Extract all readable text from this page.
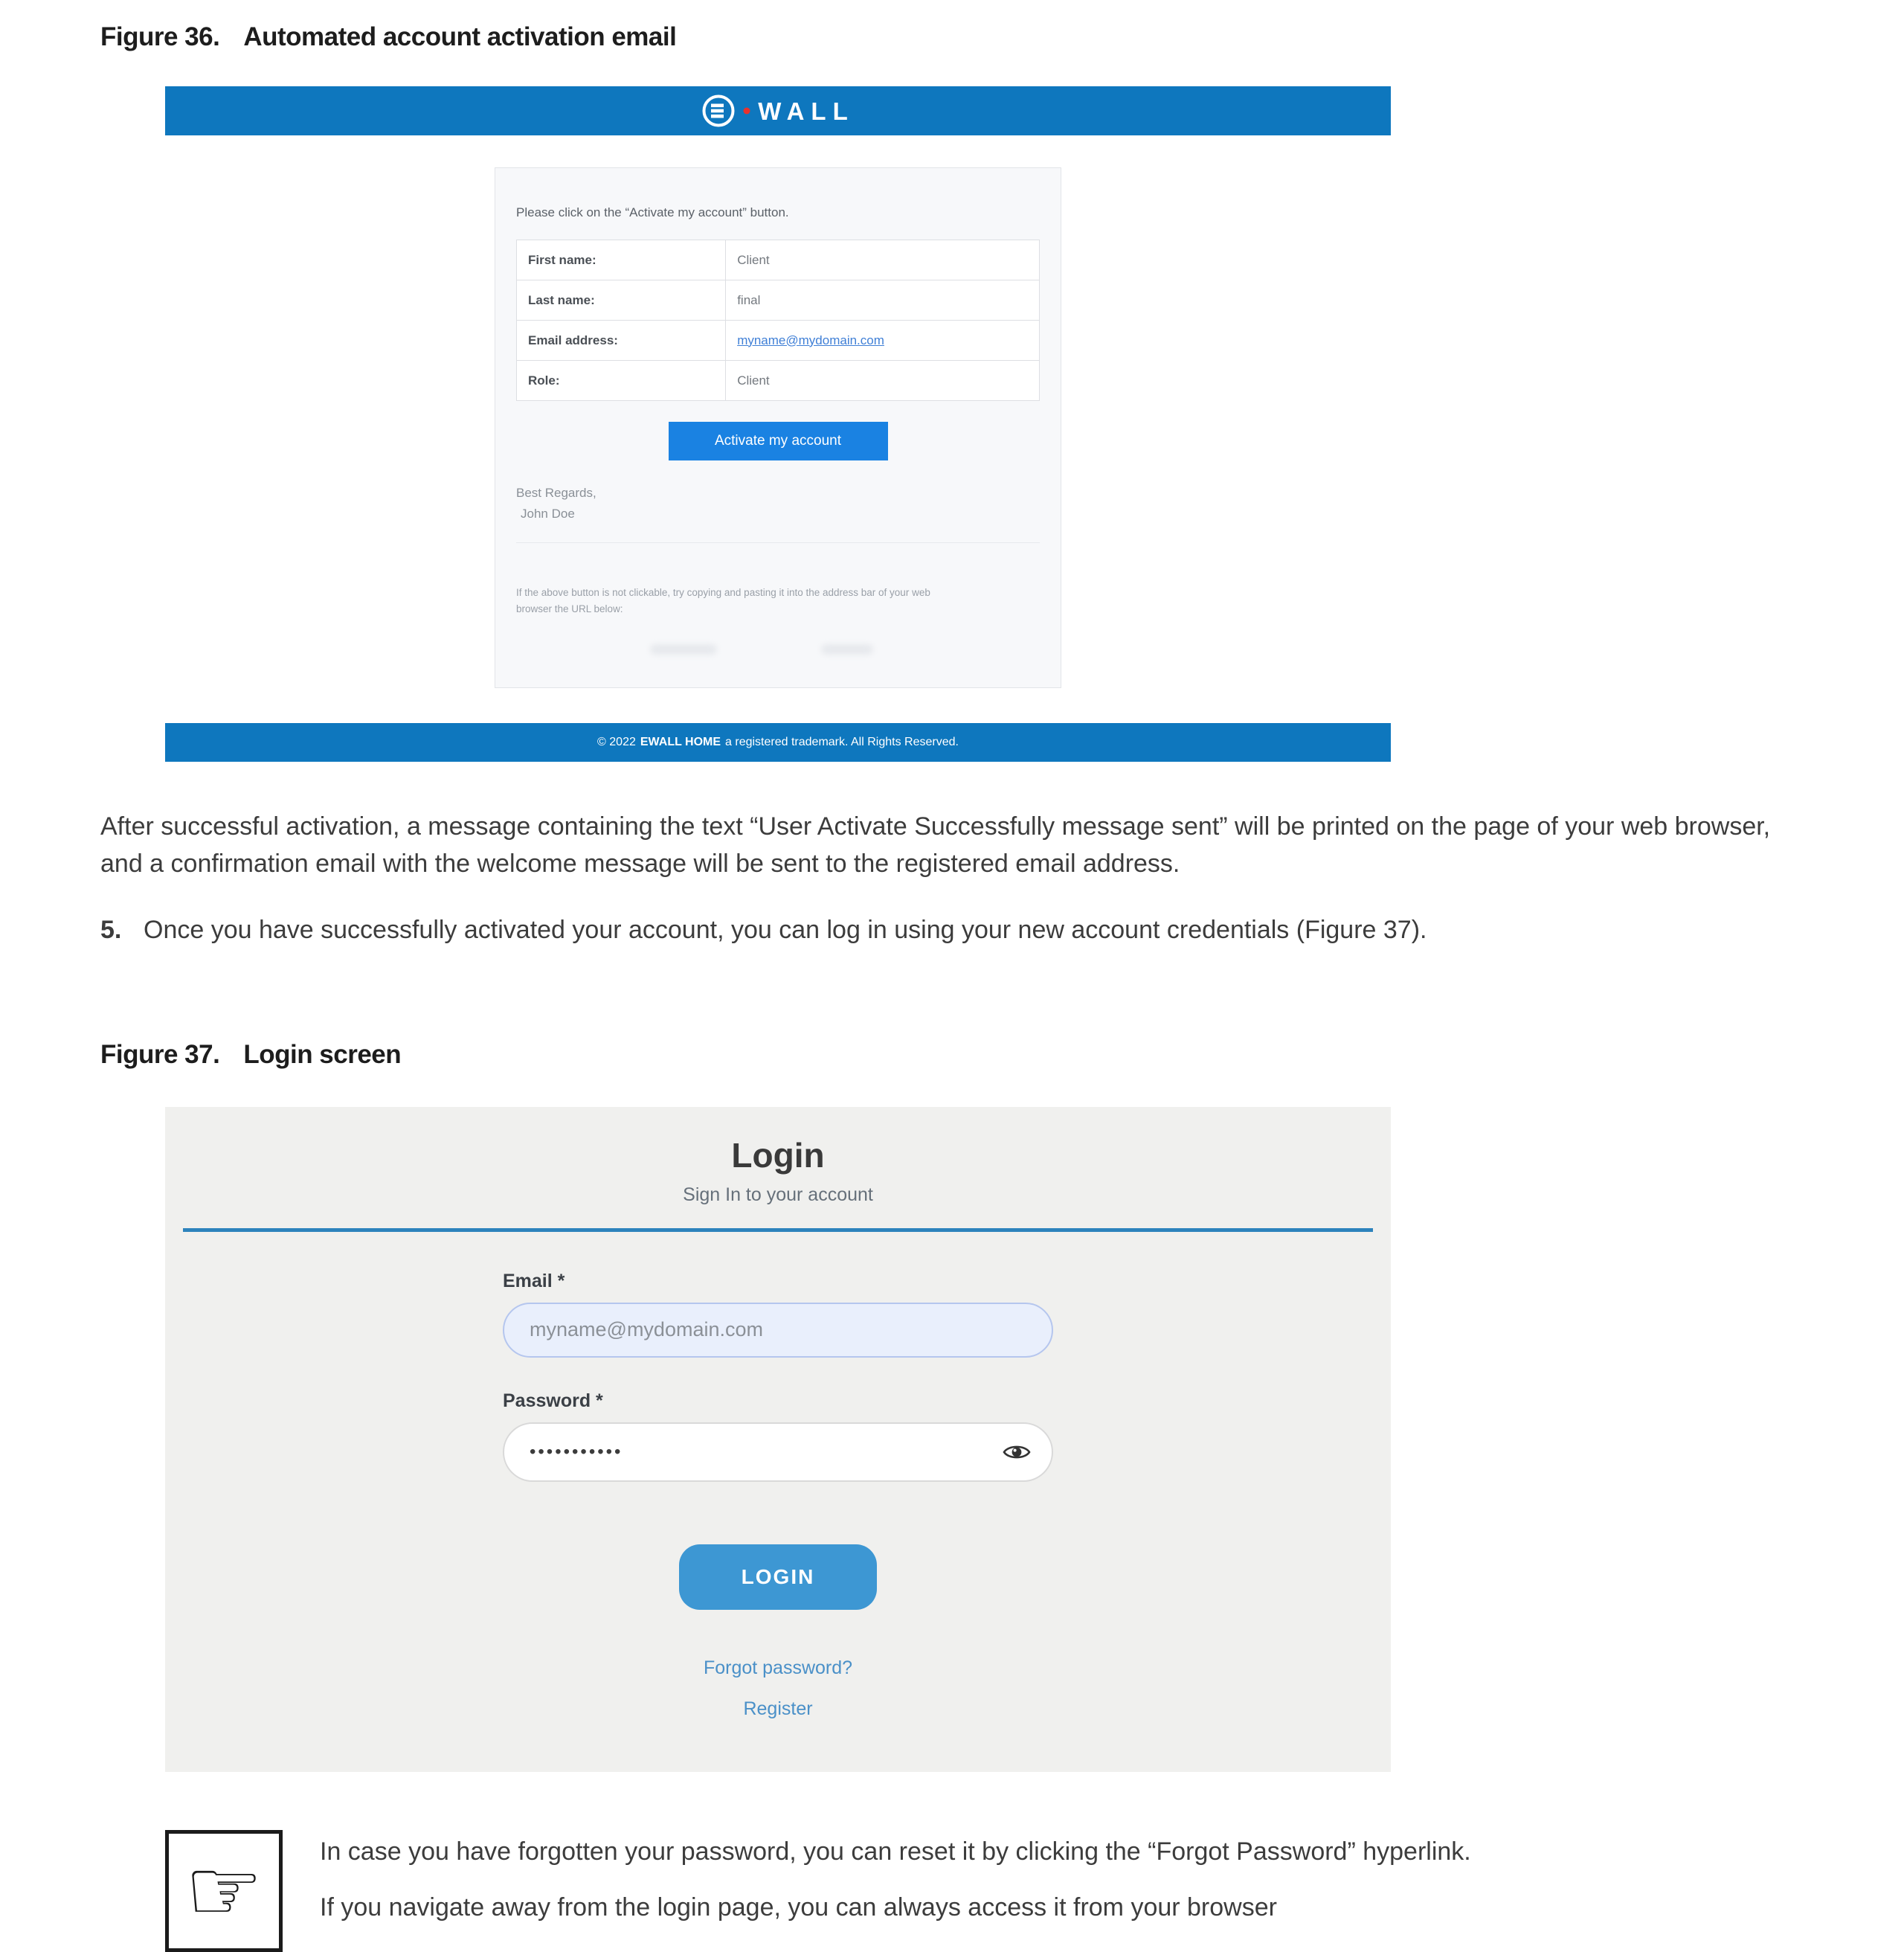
Figure 36. Automated account activation email
WALL
Please click on the “Activate my account” button.
First name:	Client
Last name:	final
Email address:	myname@mydomain.com
Role:	Client
Activate my account
Best Regards,
John Doe
If the above button is not clickable, try copying and pasting it into the address bar of your web browser the URL below:
© 2022 EWALL HOME a registered trademark. All Rights Reserved.

After successful activation, a message containing the text “User Activate Successfully message sent” will be printed on the page of your web browser, and a confirmation email with the welcome message will be sent to the registered email address.

5. Once you have successfully activated your account, you can log in using your new account credentials (Figure 37).
Figure 37. Login screen
Login
Sign In to your account
Email *
myname@mydomain.com
Password *
•••••••••••
LOGIN
Forgot password?
Register
☞ In case you have forgotten your password, you can reset it by clicking the “Forgot Password” hyperlink.
If you navigate away from the login page, you can always access it from your browser
